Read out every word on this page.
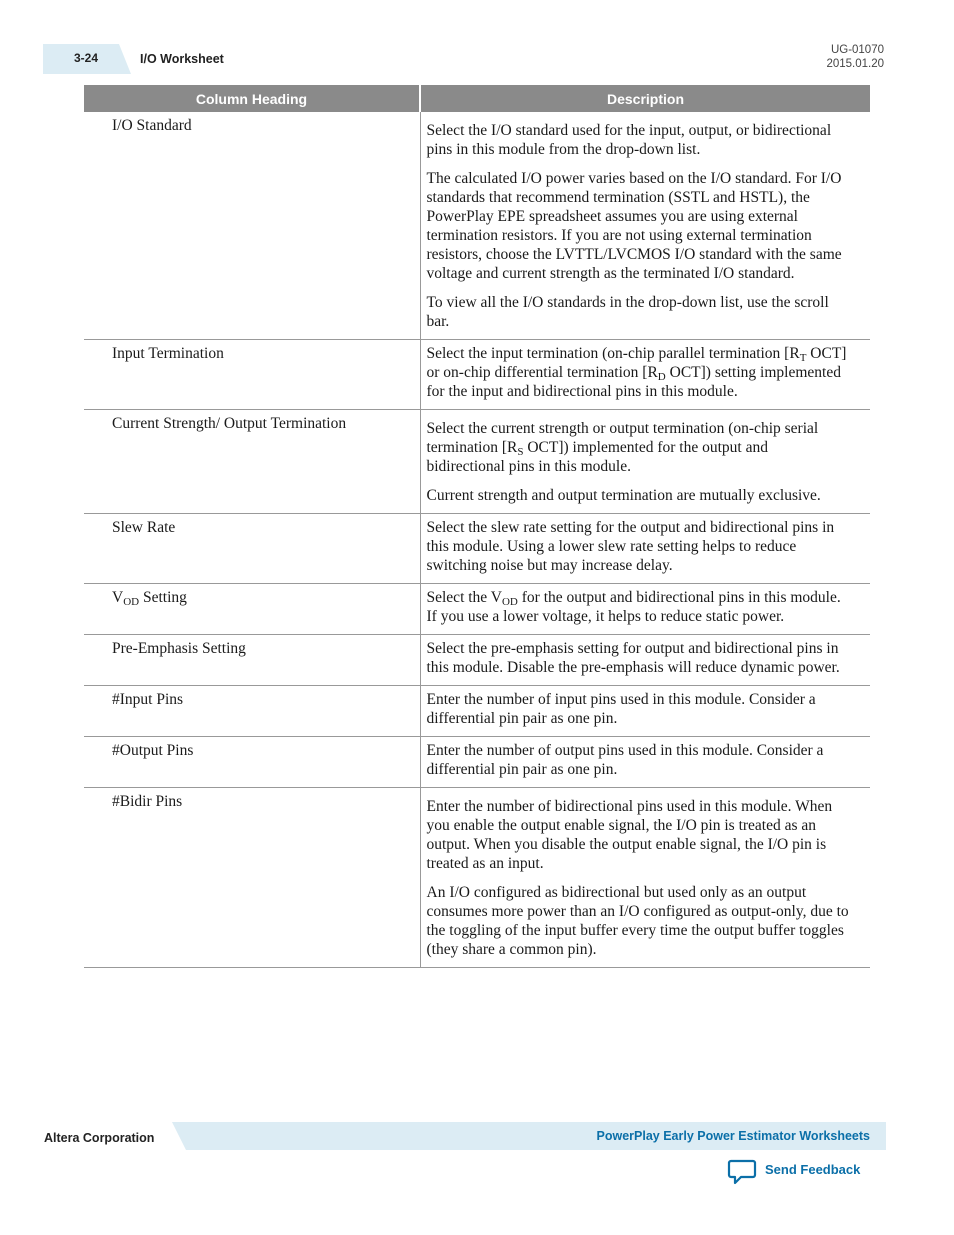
3-24	I/O Worksheet
UG-01070
2015.01.20
Column Heading	Description
I/O Standard	Select the I/O standard used for the input, output, or bidirectional pins in this module from the drop-down list.

The calculated I/O power varies based on the I/O standard. For I/O standards that recommend termination (SSTL and HSTL), the PowerPlay EPE spreadsheet assumes you are using external termination resistors. If you are not using external termination resistors, choose the LVTTL/LVCMOS I/O standard with the same voltage and current strength as the terminated I/O standard.

To view all the I/O standards in the drop-down list, use the scroll bar.

Input Termination	Select the input termination (on-chip parallel termination [$R_T$ OCT] or on-chip differential termination [$R_D$ OCT]) setting implemented for the input and bidirectional pins in this module.

Current Strength/ Output Termination	Select the current strength or output termination (on-chip serial termination [$R_S$ OCT]) implemented for the output and bidirectional pins in this module.

Current strength and output termination are mutually exclusive.

Slew Rate	Select the slew rate setting for the output and bidirectional pins in this module. Using a lower slew rate setting helps to reduce switching noise but may increase delay.

$V_{OD}$ Setting	Select the $V_{OD}$ for the output and bidirectional pins in this module. If you use a lower voltage, it helps to reduce static power.

Pre-Emphasis Setting	Select the pre-emphasis setting for output and bidirectional pins in this module. Disable the pre-emphasis will reduce dynamic power.

#Input Pins	Enter the number of input pins used in this module. Consider a differential pin pair as one pin.

#Output Pins	Enter the number of output pins used in this module. Consider a differential pin pair as one pin.

#Bidir Pins	Enter the number of bidirectional pins used in this module. When you enable the output enable signal, the I/O pin is treated as an output. When you disable the output enable signal, the I/O pin is treated as an input.

An I/O configured as bidirectional but used only as an output consumes more power than an I/O configured as output-only, due to the toggling of the input buffer every time the output buffer toggles (they share a common pin).

Altera Corporation	PowerPlay Early Power Estimator Worksheets
Send Feedback
